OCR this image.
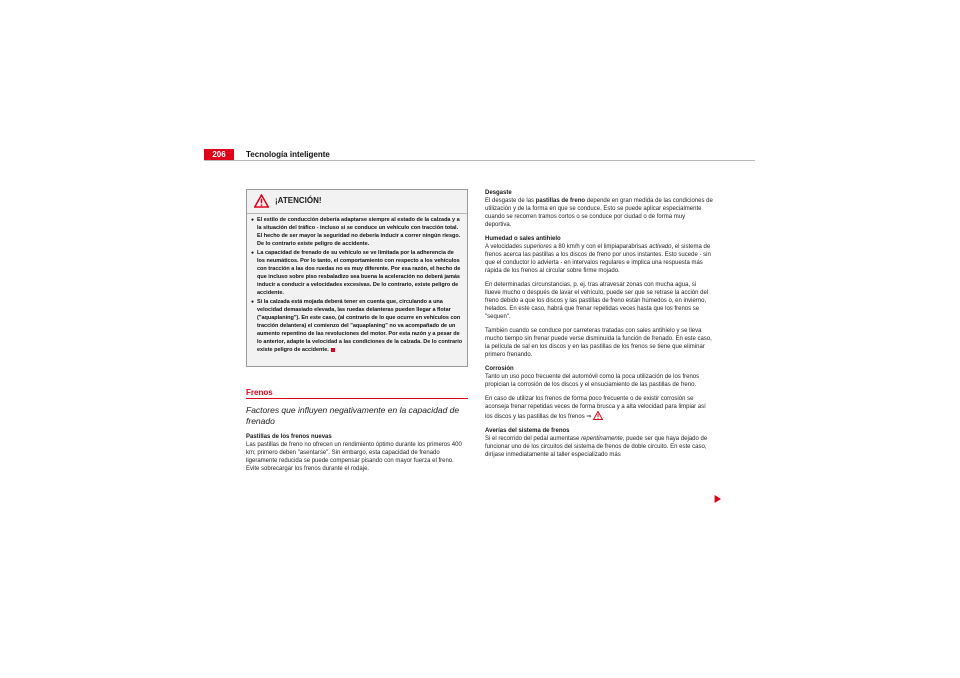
206	Tecnología inteligente
¡ATENCIÓN!
● El estilo de conducción debería adaptarse siempre al estado de la calzada y a la situación del tráfico - incluso si se conduce un vehículo con tracción total. El hecho de ser mayor la seguridad no debería inducir a correr ningún riesgo. De lo contrario existe peligro de accidente.
● La capacidad de frenado de su vehículo se ve limitada por la adherencia de los neumáticos. Por lo tanto, el comportamiento con respecto a los vehículos con tracción a las dos ruedas no es muy diferente. Por esa razón, el hecho de que incluso sobre piso resbaladizo sea buena la aceleración no deberá jamás inducir a conducir a velocidades excesivas. De lo contrario, existe peligro de accidente.
● Si la calzada está mojada deberá tener en cuenta que, circulando a una velocidad demasiado elevada, las ruedas delanteras pueden llegar a flotar ("aquaplaning"). En este caso, (al contrario de lo que ocurre en vehículos con tracción delantera) el comienzo del "aquaplaning" no va acompañado de un aumento repentino de las revoluciones del motor. Por esta razón y a pesar de lo anterior, adapte la velocidad a las condiciones de la calzada. De lo contrario existe peligro de accidente.
Frenos
Factores que influyen negativamente en la capacidad de frenado

Pastillas de los frenos nuevas

Las pastillas de freno no ofrecen un rendimiento óptimo durante los primeros 400 km; primero deben "asentarse". Sin embargo, esta capacidad de frenado ligeramente reducida se puede compensar pisando con mayor fuerza el freno. Evite sobrecargar los frenos durante el rodaje.

Desgaste

El desgaste de las pastillas de freno depende en gran medida de las condiciones de utilización y de la forma en que se conduce. Esto se puede aplicar especialmente cuando se recorren tramos cortos o se conduce por ciudad o de forma muy deportiva.

Humedad o sales antihielo

A velocidades superiores a 80 km/h y con el limpiaparabrisas activado, el sistema de frenos acerca las pastillas a los discos de freno por unos instantes. Esto sucede - sin que el conductor lo advierta - en intervalos regulares e implica una respuesta más rápida de los frenos al circular sobre firme mojado.

En determinadas circunstancias, p. ej. tras atravesar zonas con mucha agua, si llueve mucho o después de lavar el vehículo, puede ser que se retrase la acción del freno debido a que los discos y las pastillas de freno están húmedos o, en invierno, helados. En este caso, habrá que frenar repetidas veces hasta que los frenos se "sequen".

También cuando se conduce por carreteras tratadas con sales antihielo y se lleva mucho tiempo sin frenar puede verse disminuida la función de frenado. En este caso, la película de sal en los discos y en las pastillas de los frenos se tiene que eliminar primero frenando.

Corrosión

Tanto un uso poco frecuente del automóvil como la poca utilización de los frenos propician la corrosión de los discos y el ensuciamiento de las pastillas de freno.

En caso de utilizar los frenos de forma poco frecuente o de existir corrosión se aconseja frenar repetidas veces de forma brusca y a alta velocidad para limpiar así los discos y las pastillas de los frenos ⇒ .

Averías del sistema de frenos

Si el recorrido del pedal aumentase repentinamente, puede ser que haya dejado de funcionar uno de los circuitos del sistema de frenos de doble circuito. En este caso, diríjase inmediatamente al taller especializado más
